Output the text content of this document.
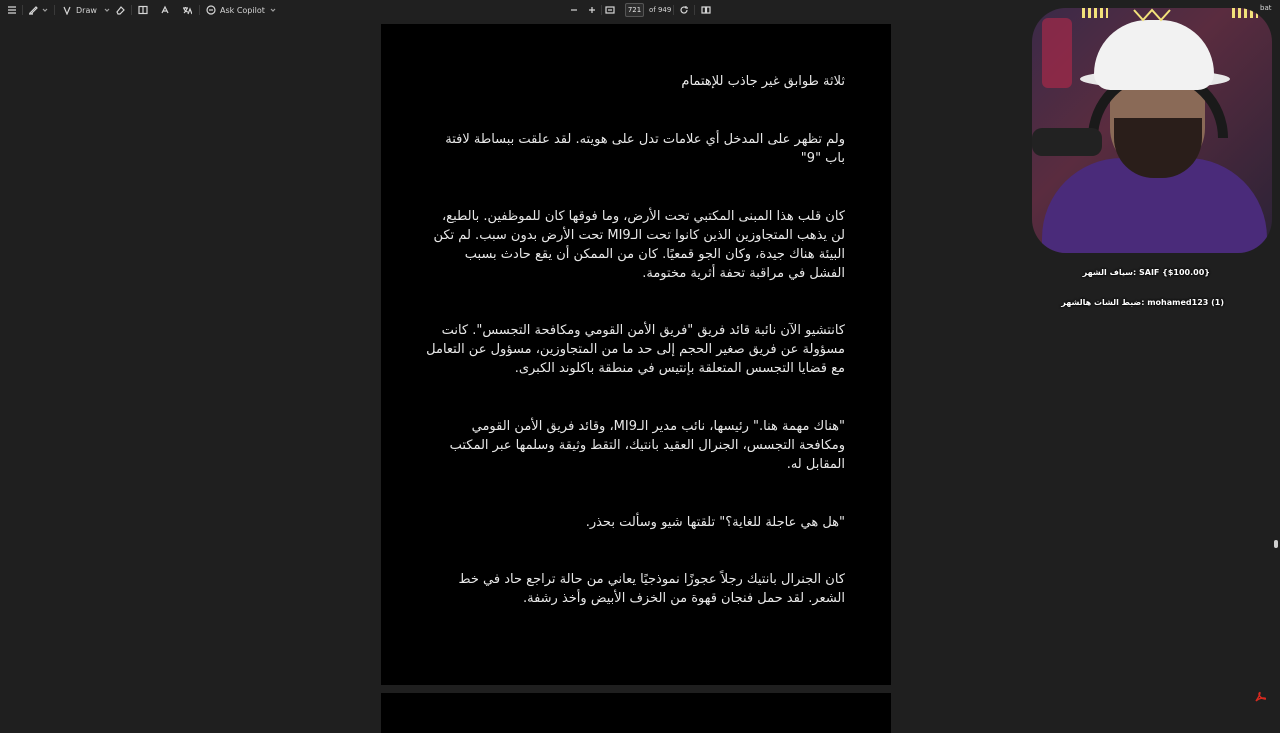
Draw	Ask Copilot	721	of 949
ثلاثة طوابق غير جاذب للإهتمام
ولم تظهر على المدخل أي علامات تدل على هويته. لقد علقت ببساطة لافتة باب "9"
كان قلب هذا المبنى المكتبي تحت الأرض، وما فوقها كان للموظفين. بالطبع، لن يذهب المتجاوزين الذين كانوا تحت الـMI9 تحت الأرض بدون سبب. لم تكن البيئة هناك جيدة، وكان الجو قمعيًا. كان من الممكن أن يقع حادث بسبب الفشل في مراقبة تحفة أثرية مختومة.
كانتشيو الآن نائبة قائد فريق "فريق الأمن القومي ومكافحة التجسس". كانت مسؤولة عن فريق صغير الحجم إلى حد ما من المتجاوزين، مسؤول عن التعامل مع قضايا التجسس المتعلقة بإنتيس في منطقة باكلوند الكبرى.
"هناك مهمة هنا." رئيسها، نائب مدير الـMI9، وقائد فريق الأمن القومي ومكافحة التجسس، الجنرال العقيد بانتيك، التقط وثيقة وسلمها عبر المكتب المقابل له.
"هل هي عاجلة للغاية؟" تلقتها شيو وسألت بحذر.
كان الجنرال بانتيك رجلاً عجوزًا نموذجيًا يعاني من حالة تراجع حاد في خط الشعر. لقد حمل فنجان قهوة من الخزف الأبيض وأخذ رشفة.
bat
SAIF {$100.00} :سياف الشهر
mohamed123 (1) :ضبط الشات هالشهر
